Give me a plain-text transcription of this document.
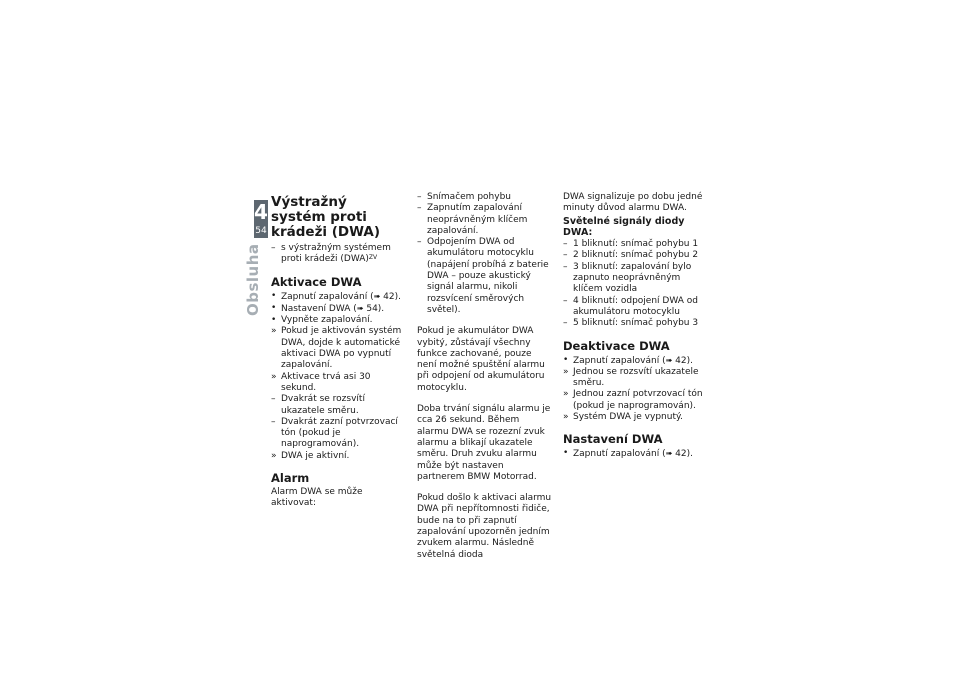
4
54
Obsluha
Výstražný systém proti krádeži (DWA)
– s výstražným systémem proti krádeži (DWA)$^{ZV}$
Aktivace DWA
• Zapnutí zapalování (➠ 42).
• Nastavení DWA (➠ 54).
• Vypněte zapalování.
» Pokud je aktivován systém DWA, dojde k automatické aktivaci DWA po vypnutí zapalování.
» Aktivace trvá asi 30 sekund.
– Dvakrát se rozsvítí ukazatele směru.
– Dvakrát zazní potvrzovací tón (pokud je naprogramován).
» DWA je aktivní.
Alarm

Alarm DWA se může aktivovat:

– Snímačem pohybu
– Zapnutím zapalování neoprávněným klíčem zapalování.
– Odpojením DWA od akumulátoru motocyklu (napájení probíhá z baterie DWA – pouze akustický signál alarmu, nikoli rozsvícení směrových světel).

Pokud je akumulátor DWA vybitý, zůstávají všechny funkce zachované, pouze není možné spuštění alarmu při odpojení od akumulátoru motocyklu.

Doba trvání signálu alarmu je cca 26 sekund. Během alarmu DWA se rozezní zvuk alarmu a blikají ukazatele směru. Druh zvuku alarmu může být nastaven partnerem BMW Motorrad.

Pokud došlo k aktivaci alarmu DWA při nepřítomnosti řidiče, bude na to při zapnutí zapalování upozorněn jedním zvukem alarmu. Následně světelná dioda

DWA signalizuje po dobu jedné minuty důvod alarmu DWA.

Světelné signály diody DWA:
– 1 bliknutí: snímač pohybu 1
– 2 bliknutí: snímač pohybu 2
– 3 bliknutí: zapalování bylo zapnuto neoprávněným klíčem vozidla
– 4 bliknutí: odpojení DWA od akumulátoru motocyklu
– 5 bliknutí: snímač pohybu 3
Deaktivace DWA
• Zapnutí zapalování (➠ 42).
» Jednou se rozsvítí ukazatele směru.
» Jednou zazní potvrzovací tón (pokud je naprogramován).
» Systém DWA je vypnutý.
Nastavení DWA
• Zapnutí zapalování (➠ 42).
